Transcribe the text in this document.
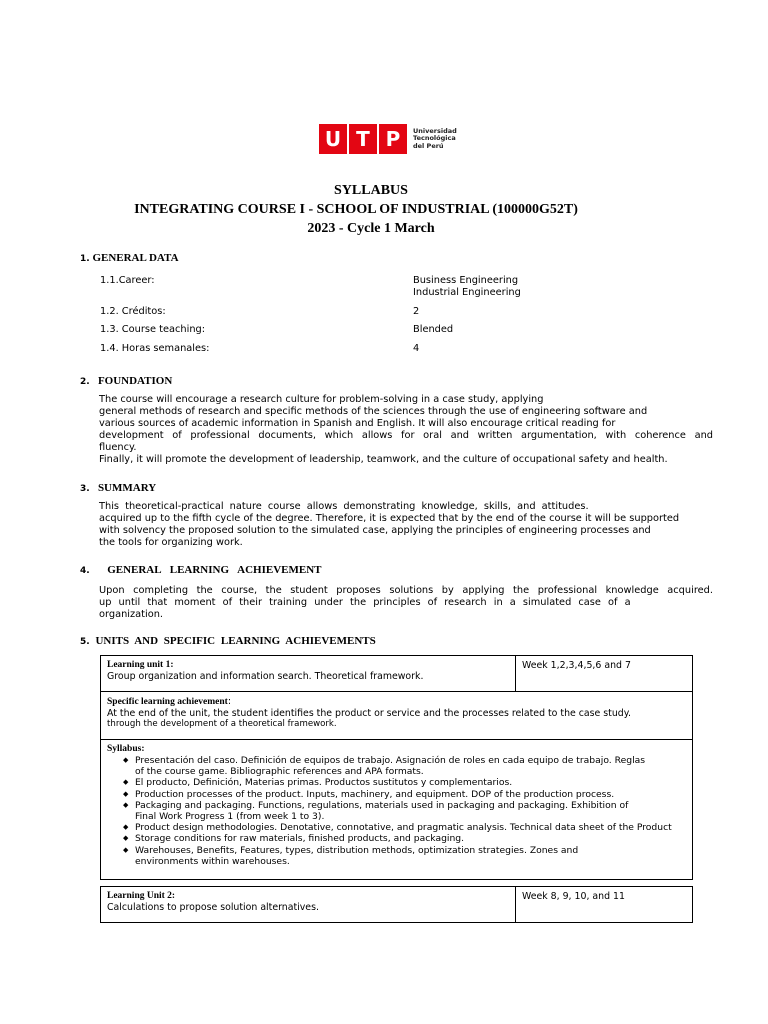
U T P	Universidad
Tecnológica
del Perú
SYLLABUS
INTEGRATING COURSE I - SCHOOL OF INDUSTRIAL (100000G52T)
2023 - Cycle 1 March
1. GENERAL DATA
1.1.Career:	Business Engineering
Industrial Engineering
1.2. Créditos:	2
1.3. Course teaching:	Blended
1.4. Horas semanales:	4
2. FOUNDATION
The course will encourage a research culture for problem-solving in a case study, applying
general methods of research and specific methods of the sciences through the use of engineering software and
various sources of academic information in Spanish and English. It will also encourage critical reading for
development of professional documents, which allows for oral and written argumentation, with coherence and
fluency.
Finally, it will promote the development of leadership, teamwork, and the culture of occupational safety and health.
3. SUMMARY
This theoretical-practical nature course allows demonstrating knowledge, skills, and attitudes.
acquired up to the fifth cycle of the degree. Therefore, it is expected that by the end of the course it will be supported
with solvency the proposed solution to the simulated case, applying the principles of engineering processes and
the tools for organizing work.
4. GENERAL LEARNING ACHIEVEMENT
Upon completing the course, the student proposes solutions by applying the professional knowledge acquired.
up until that moment of their training under the principles of research in a simulated case of a
organization.
5. UNITS AND SPECIFIC LEARNING ACHIEVEMENTS
Learning unit 1:
Group organization and information search. Theoretical framework.
	Week 1,2,3,4,5,6 and 7

Specific learning achievement:
At the end of the unit, the student identifies the product or service and the processes related to the case study.
through the development of a theoretical framework.

Syllabus:
◆ Presentación del caso. Definición de equipos de trabajo. Asignación de roles en cada equipo de trabajo. Reglas
of the course game. Bibliographic references and APA formats.
◆ El producto, Definición, Materias primas. Productos sustitutos y complementarios.
◆ Production processes of the product. Inputs, machinery, and equipment. DOP of the production process.
◆ Packaging and packaging. Functions, regulations, materials used in packaging and packaging. Exhibition of
Final Work Progress 1 (from week 1 to 3).
◆ Product design methodologies. Denotative, connotative, and pragmatic analysis. Technical data sheet of the Product
◆ Storage conditions for raw materials, finished products, and packaging.
◆ Warehouses, Benefits, Features, types, distribution methods, optimization strategies. Zones and
environments within warehouses.
Learning Unit 2:
Calculations to propose solution alternatives.
	Week 8, 9, 10, and 11
